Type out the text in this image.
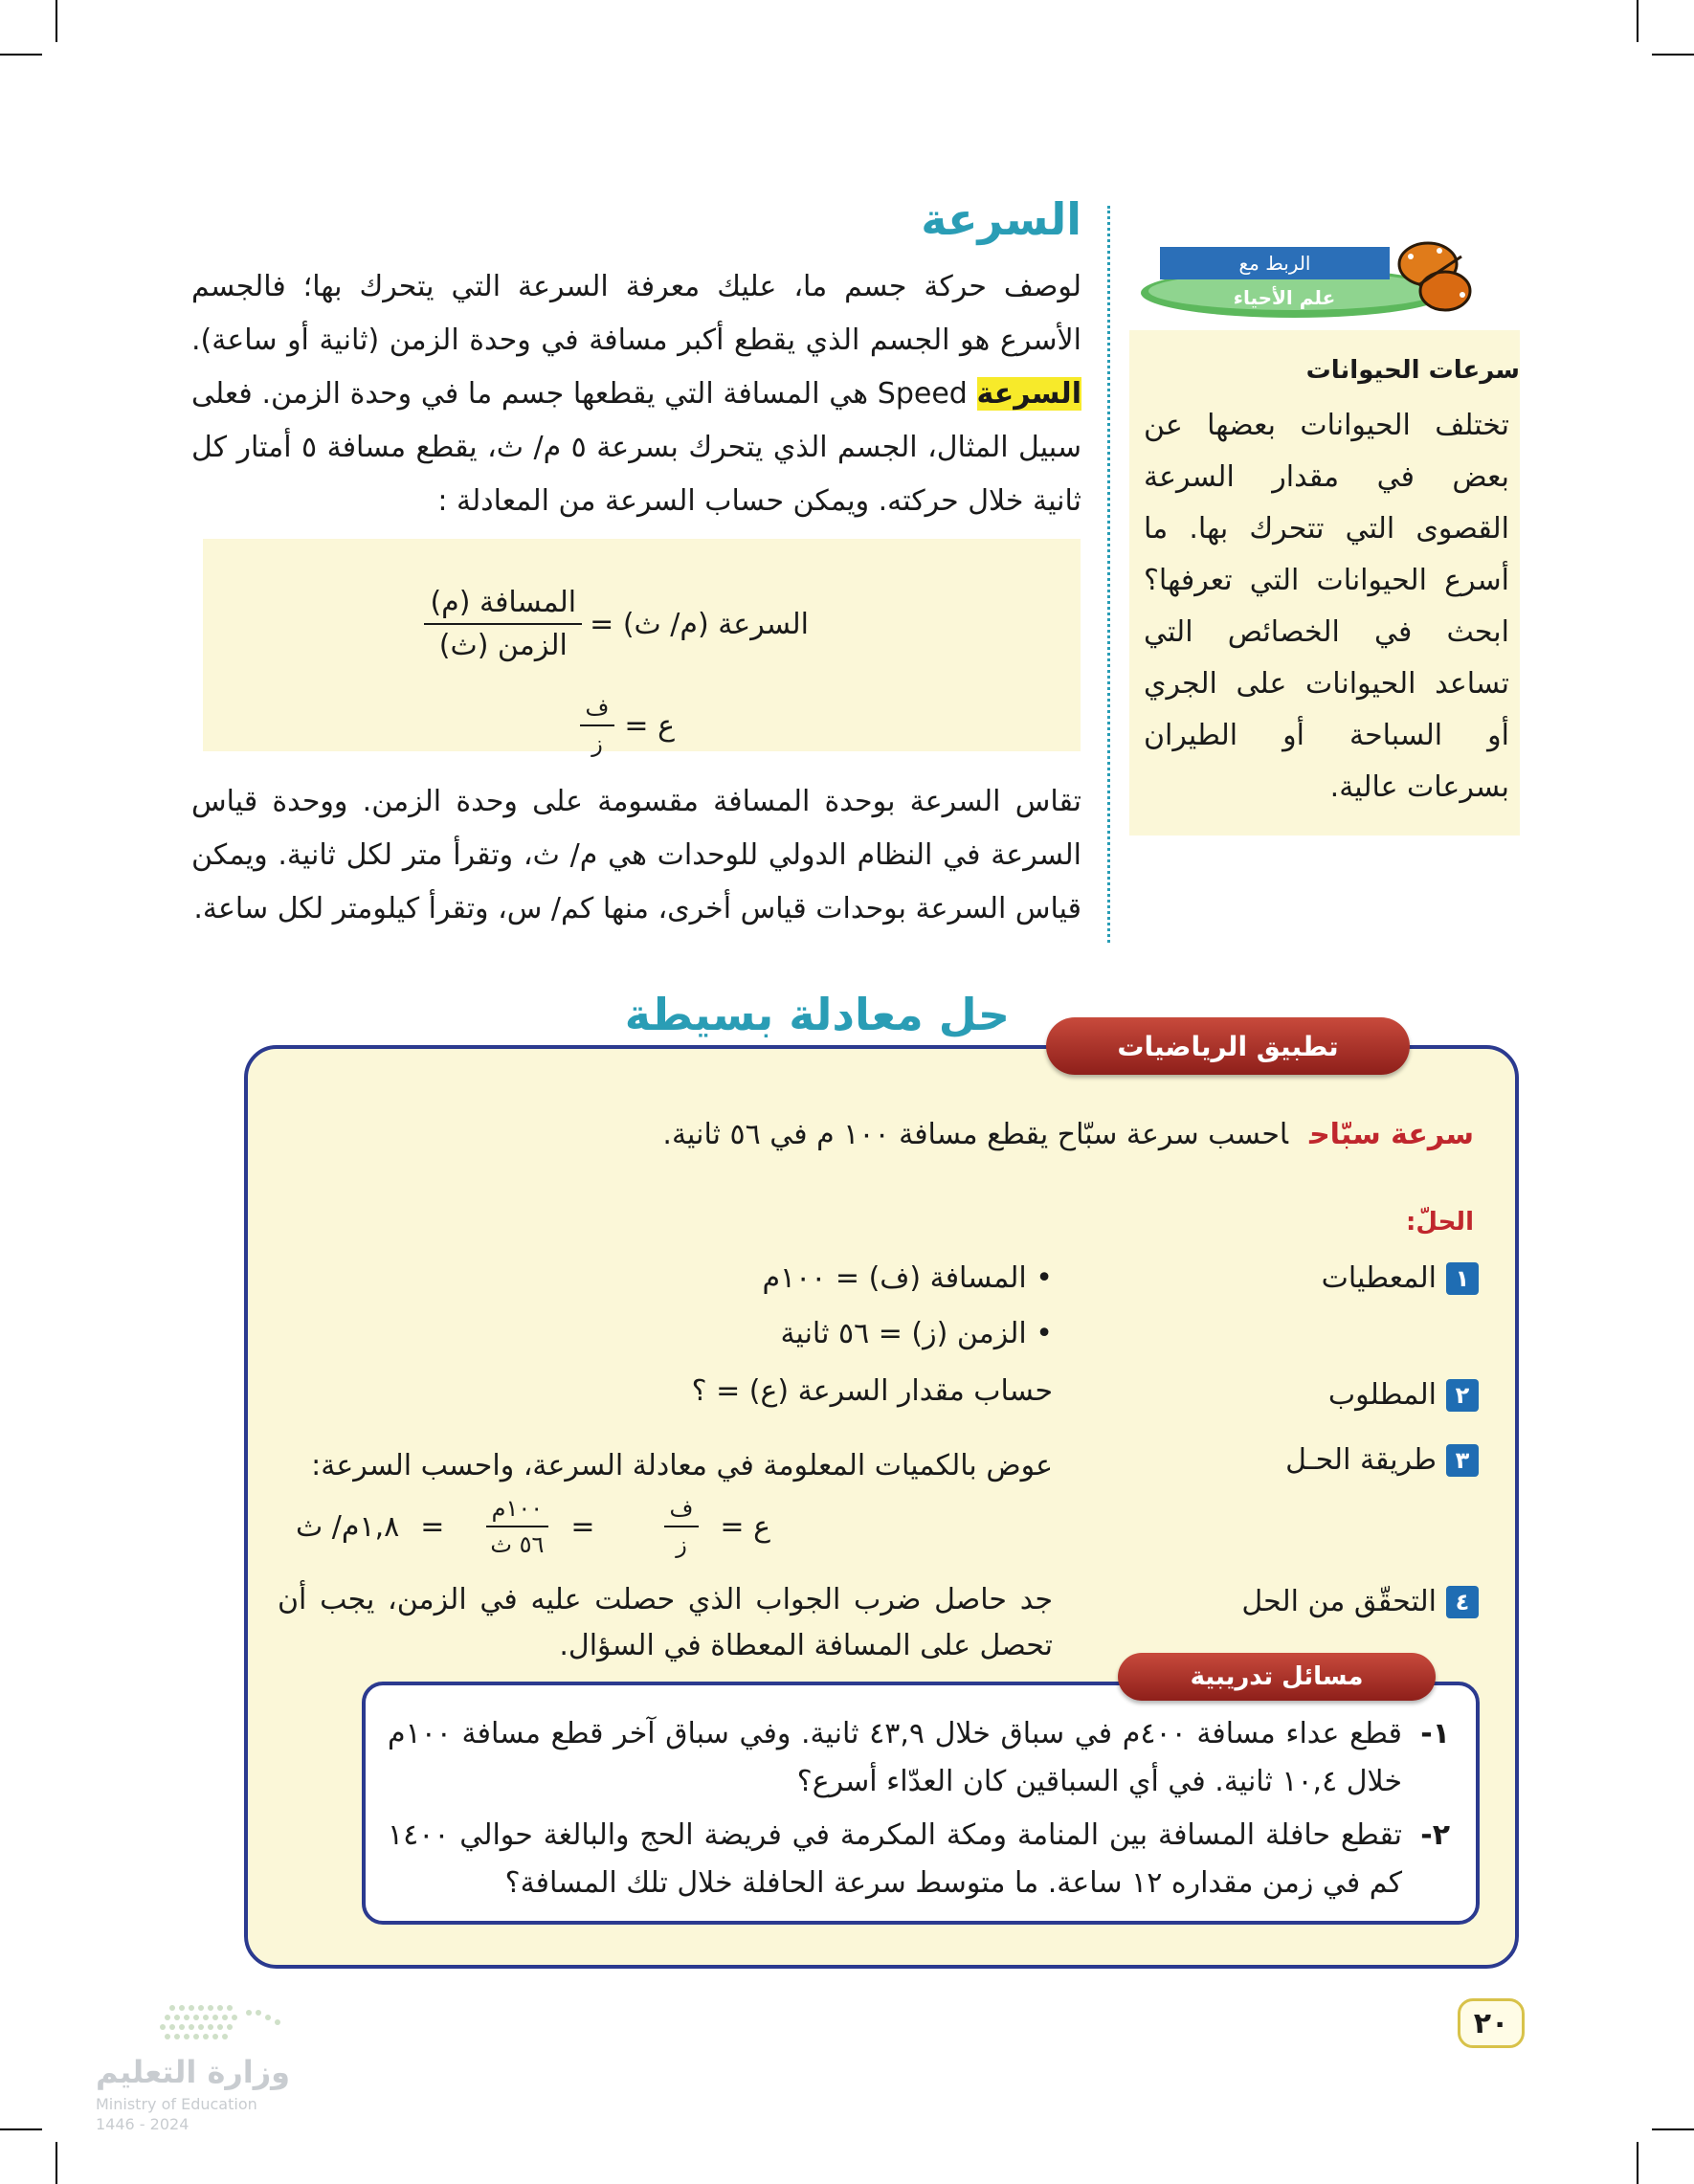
الربط مع
علم الأحياء
سرعات الحيوانات
تختلف الحيوانات بعضها عن بعض في مقدار السرعة القصوى التي تتحرك بها. ما أسرع الحيوانات التي تعرفها؟ ابحث في الخصائص التي تساعد الحيوانات على الجري أو السباحة أو الطيران بسرعات عالية.
السرعة
لوصف حركة جسم ما، عليك معرفة السرعة التي يتحرك بها؛ فالجسم الأسرع هو الجسم الذي يقطع أكبر مسافة في وحدة الزمن (ثانية أو ساعة). السرعة Speed هي المسافة التي يقطعها جسم ما في وحدة الزمن. فعلى سبيل المثال، الجسم الذي يتحرك بسرعة ٥ م/ ث، يقطع مسافة ٥ أمتار كل ثانية خلال حركته. ويمكن حساب السرعة من المعادلة :
السرعة (م/ ث) =
$\frac{\text{المسافة (م)}}{\text{الزمن (ث)}}$
ع =
$\frac{\text{ف}}{\text{ز}}$
تقاس السرعة بوحدة المسافة مقسومة على وحدة الزمن. ووحدة قياس السرعة في النظام الدولي للوحدات هي م/ ث، وتقرأ متر لكل ثانية. ويمكن قياس السرعة بوحدات قياس أخرى، منها كم/ س، وتقرأ كيلومتر لكل ساعة.
حل معادلة بسيطة
تطبيق الرياضيات
سرعة سبّاحاحسب سرعة سبّاح يقطع مسافة ١٠٠ م في ٥٦ ثانية.
الحلّ:
١
المعطيات
• المسافة (ف) = ١٠٠م
• الزمن (ز) = ٥٦ ثانية
٢
المطلوب
حساب مقدار السرعة (ع) = ؟
٣
طريقة الحـل
عوض بالكميات المعلومة في معادلة السرعة، واحسب السرعة:
ع =
$\frac{\text{ف}}{\text{ز}}$
=
$\frac{\text{١٠٠م}}{\text{٥٦ ث}}$
=
١,٨م/ ث
٤
التحقّق من الحل
جد حاصل ضرب الجواب الذي حصلت عليه في الزمن، يجب أن تحصل على المسافة المعطاة في السؤال.
مسائل تدريبية
١-قطع عداء مسافة ٤٠٠م في سباق خلال ٤٣,٩ ثانية. وفي سباق آخر قطع مسافة ١٠٠م خلال ١٠,٤ ثانية. في أي السباقين كان العدّاء أسرع؟
٢-تقطع حافلة المسافة بين المنامة ومكة المكرمة في فريضة الحج والبالغة حوالي ١٤٠٠ كم في زمن مقداره ١٢ ساعة. ما متوسط سرعة الحافلة خلال تلك المسافة؟
٢٠
وزارة التعليم
Ministry of Education
2024 - 1446
